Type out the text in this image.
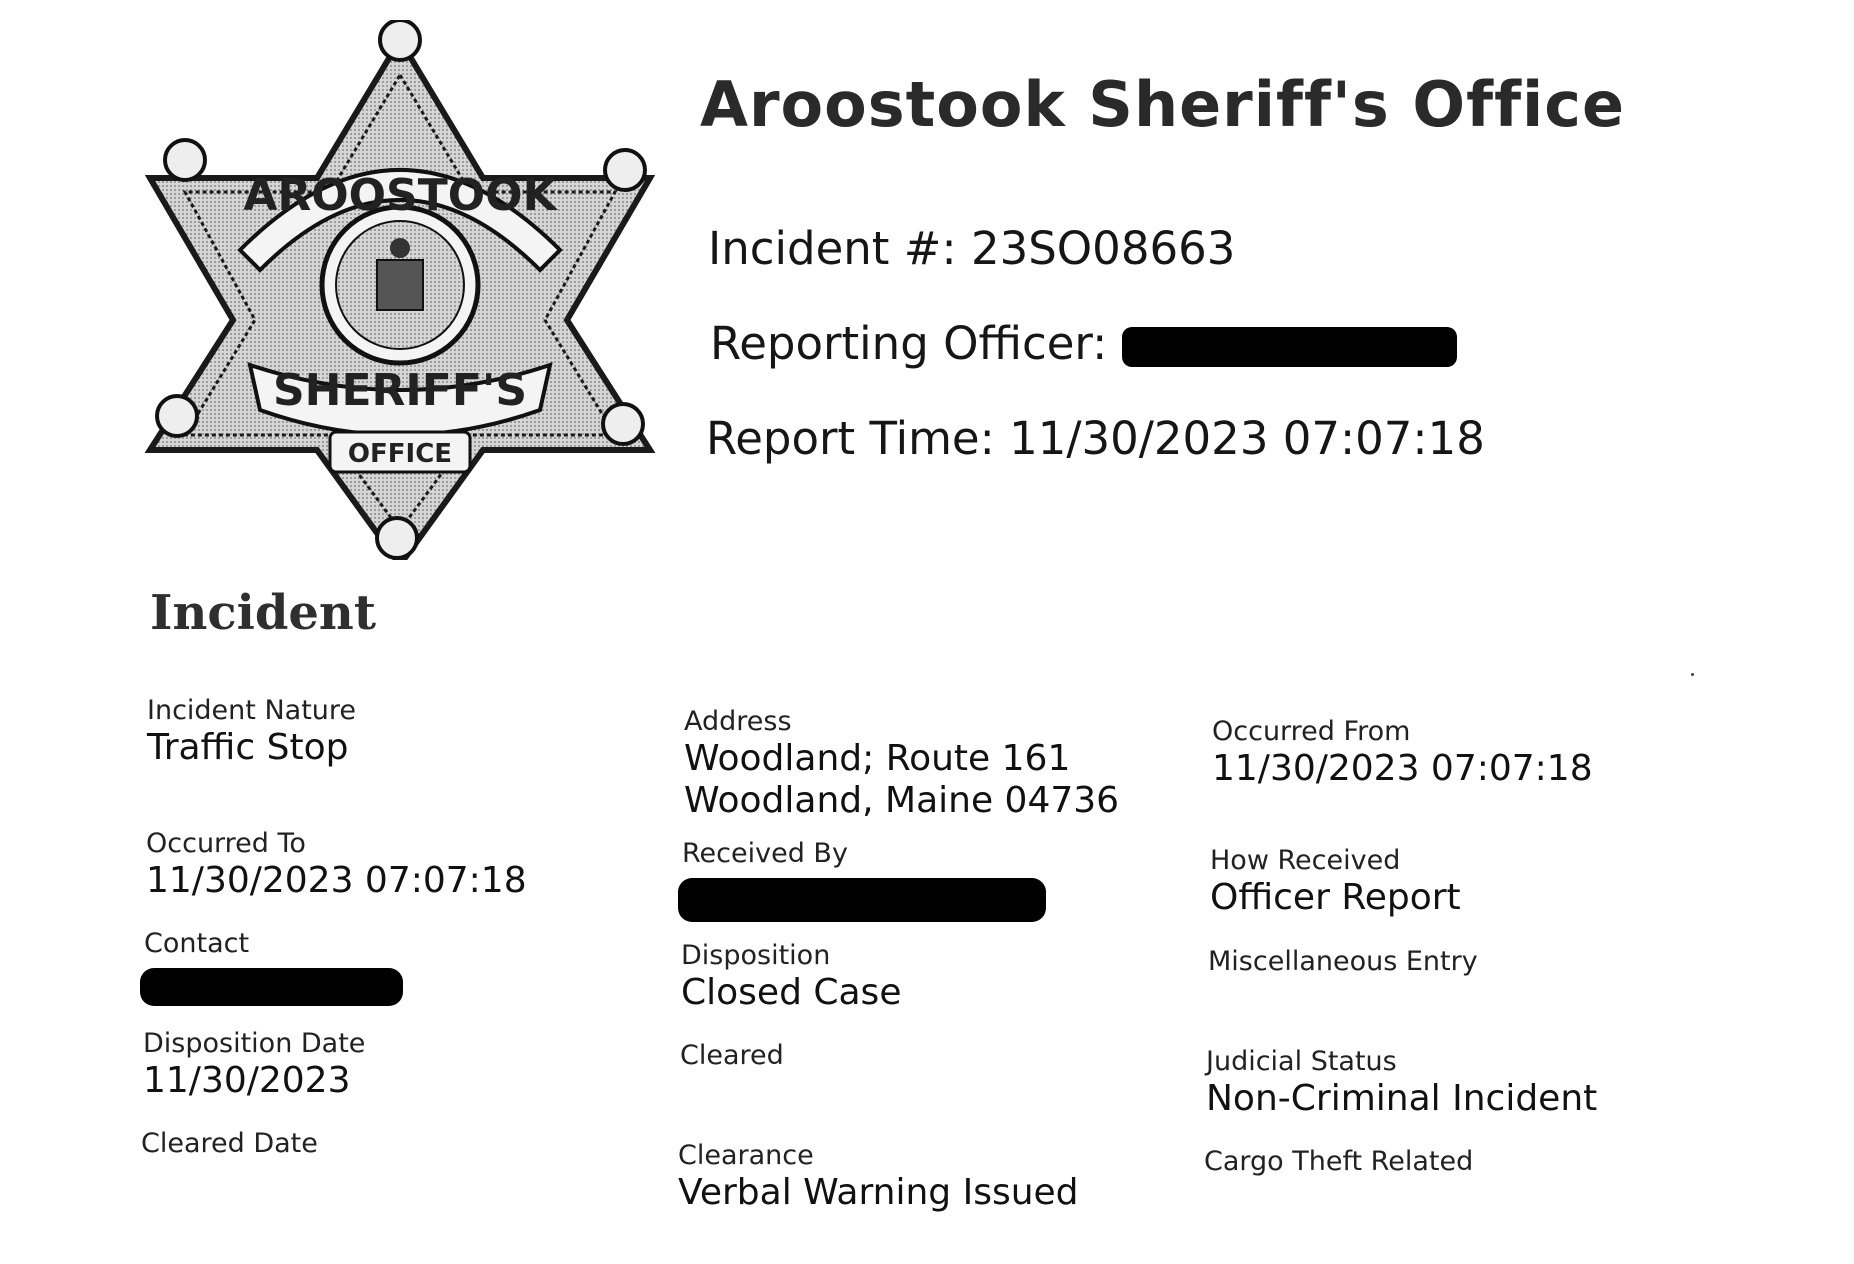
AROOSTOOK
SHERIFF'S
OFFICE
Aroostook Sheriff's Office
Incident #: 23SO08663
Reporting Officer:
Report Time: 11/30/2023 07:07:18
Incident
Incident Nature
Traffic Stop
Occurred To
11/30/2023 07:07:18
Contact
Disposition Date
11/30/2023
Cleared Date
Address
Woodland; Route 161
Woodland, Maine 04736
Received By
Disposition
Closed Case
Cleared
Clearance
Verbal Warning Issued
Occurred From
11/30/2023 07:07:18
How Received
Officer Report
Miscellaneous Entry
Judicial Status
Non-Criminal Incident
Cargo Theft Related
